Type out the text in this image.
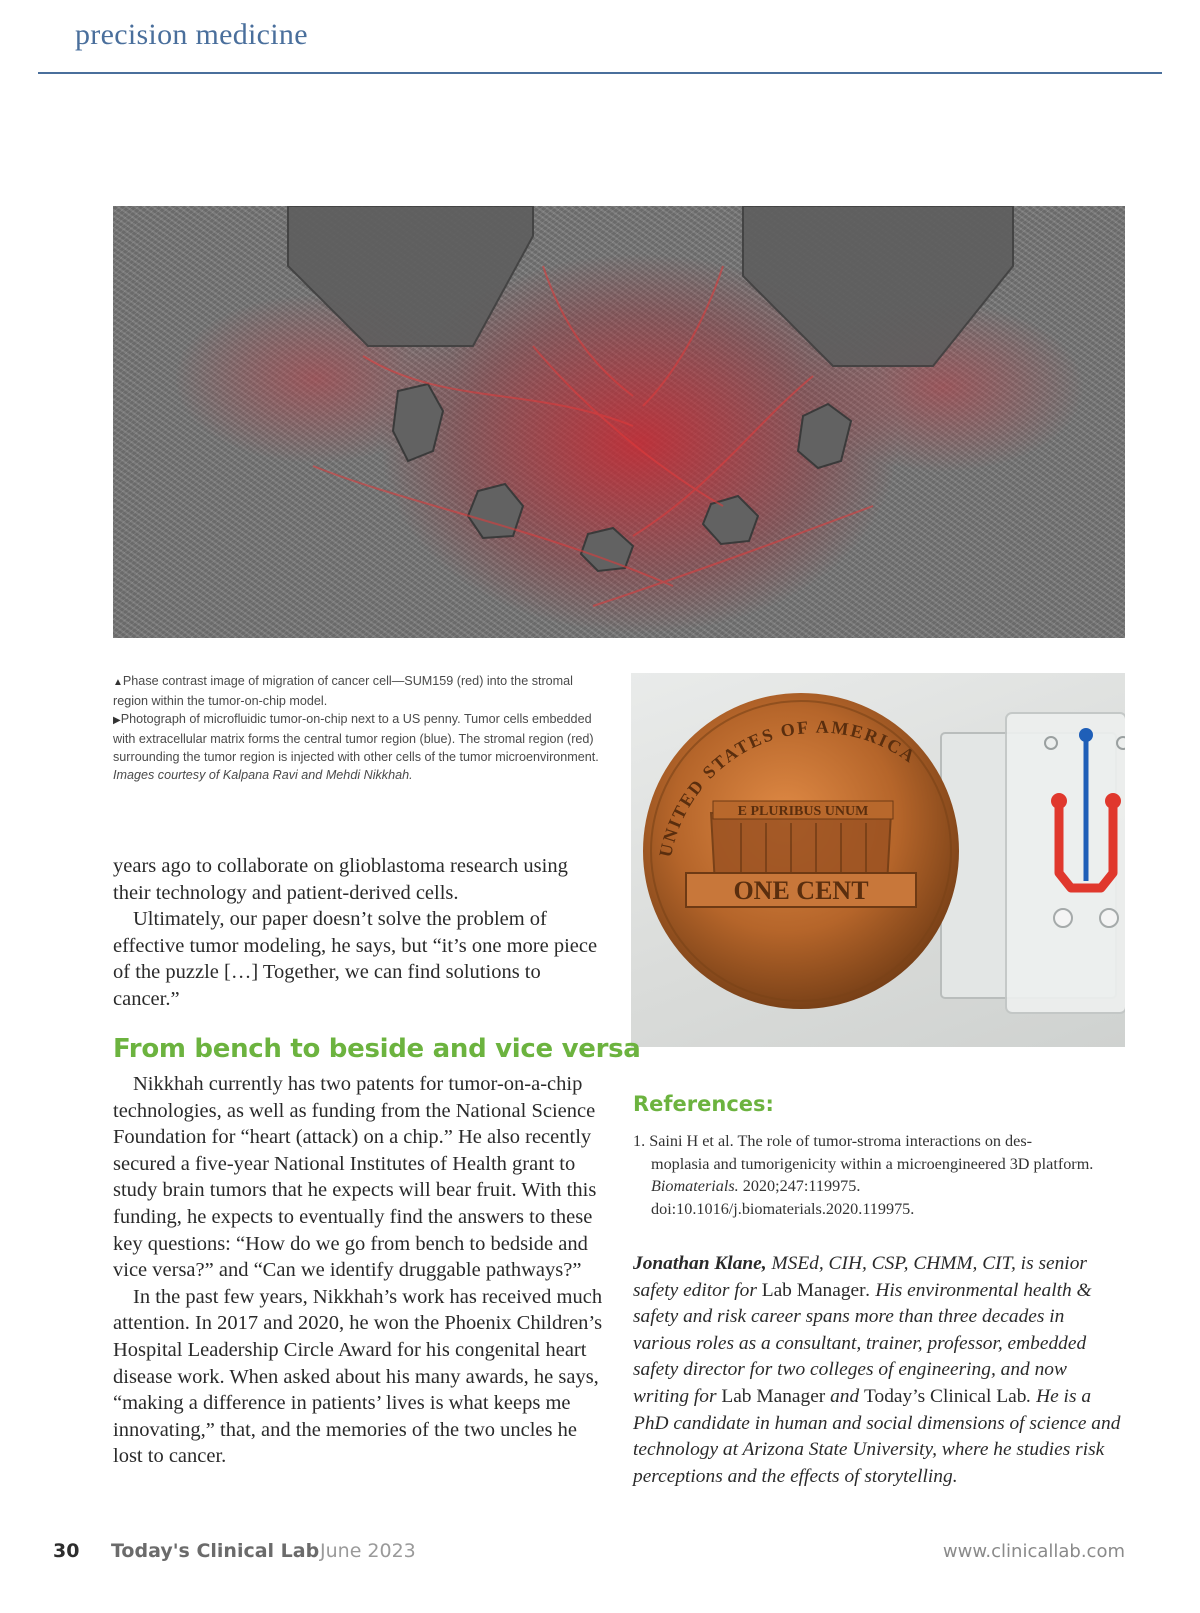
precision medicine

▲Phase contrast image of migration of cancer cell—SUM159 (red) into the stromal region within the tumor-on-chip model.

▶Photograph of microfluidic tumor-on-chip next to a US penny. Tumor cells embedded with extracellular matrix forms the central tumor region (blue). The stromal region (red) surrounding the tumor region is injected with other cells of the tumor microenvironment. Images courtesy of Kalpana Ravi and Mehdi Nikkhah.

E PLURIBUS UNUM
ONE CENT
UNITED STATES OF AMERICA

years ago to collaborate on glioblastoma research using their technology and patient-derived cells.

Ultimately, our paper doesn’t solve the problem of effective tumor modeling, he says, but “it’s one more piece of the puzzle […] Together, we can find solutions to cancer.”

From bench to beside and vice versa

Nikkhah currently has two patents for tumor-on-a-chip technologies, as well as funding from the National Science Foundation for “heart (attack) on a chip.” He also recently secured a five-year National Institutes of Health grant to study brain tumors that he expects will bear fruit. With this funding, he expects to eventually find the answers to these key questions: “How do we go from bench to bedside and vice versa?” and “Can we identify druggable pathways?”

In the past few years, Nikkhah’s work has received much attention. In 2017 and 2020, he won the Phoenix Children’s Hospital Leadership Circle Award for his congenital heart disease work. When asked about his many awards, he says, “making a difference in patients’ lives is what keeps me innovating,” that, and the memories of the two uncles he lost to cancer.

References:
1. Saini H et al. The role of tumor-stroma interactions on des-
moplasia and tumorigenicity within a microengineered 3D platform. Biomaterials. 2020;247:119975. doi:10.1016/j.biomaterials.2020.119975.
Jonathan Klane, MSEd, CIH, CSP, CHMM, CIT, is senior safety editor for Lab Manager. His environmental health & safety and risk career spans more than three decades in various roles as a consultant, trainer, professor, embedded safety director for two colleges of engineering, and now writing for Lab Manager and Today’s Clinical Lab. He is a PhD candidate in human and social dimensions of science and technology at Arizona State University, where he studies risk perceptions and the effects of storytelling.
30 Today's Clinical Lab June 2023	www.clinicallab.com
